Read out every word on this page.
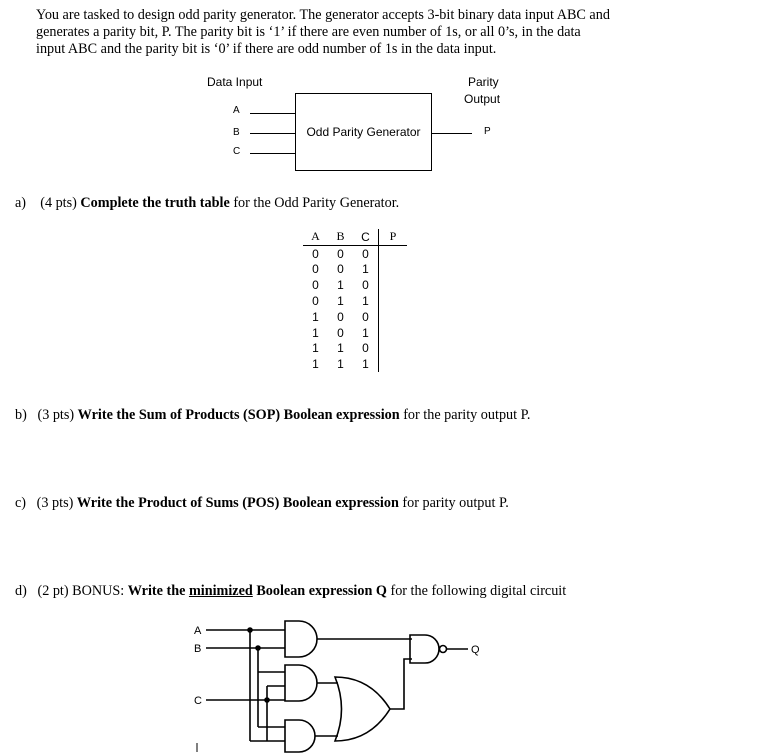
You are tasked to design odd parity generator. The generator accepts 3-bit binary data input ABC and
generates a parity bit, P. The parity bit is ‘1’ if there are even number of 1s, or all 0’s, in the data
input ABC and the parity bit is ‘0’ if there are odd number of 1s in the data input.
Data Input	Parity
Output
A
B
C
Odd Parity Generator	P
a) (4 pts) Complete the truth table for the Odd Parity Generator.
A	B	C	P
0	0	0	
0	0	1	
0	1	0	
0	1	1	
1	0	0	
1	0	1	
1	1	0	
1	1	1	
b) (3 pts) Write the Sum of Products (SOP) Boolean expression for the parity output P.
c) (3 pts) Write the Product of Sums (POS) Boolean expression for parity output P.
d) (2 pt) BONUS: Write the minimized Boolean expression Q for the following digital circuit
A
B
C
Q
